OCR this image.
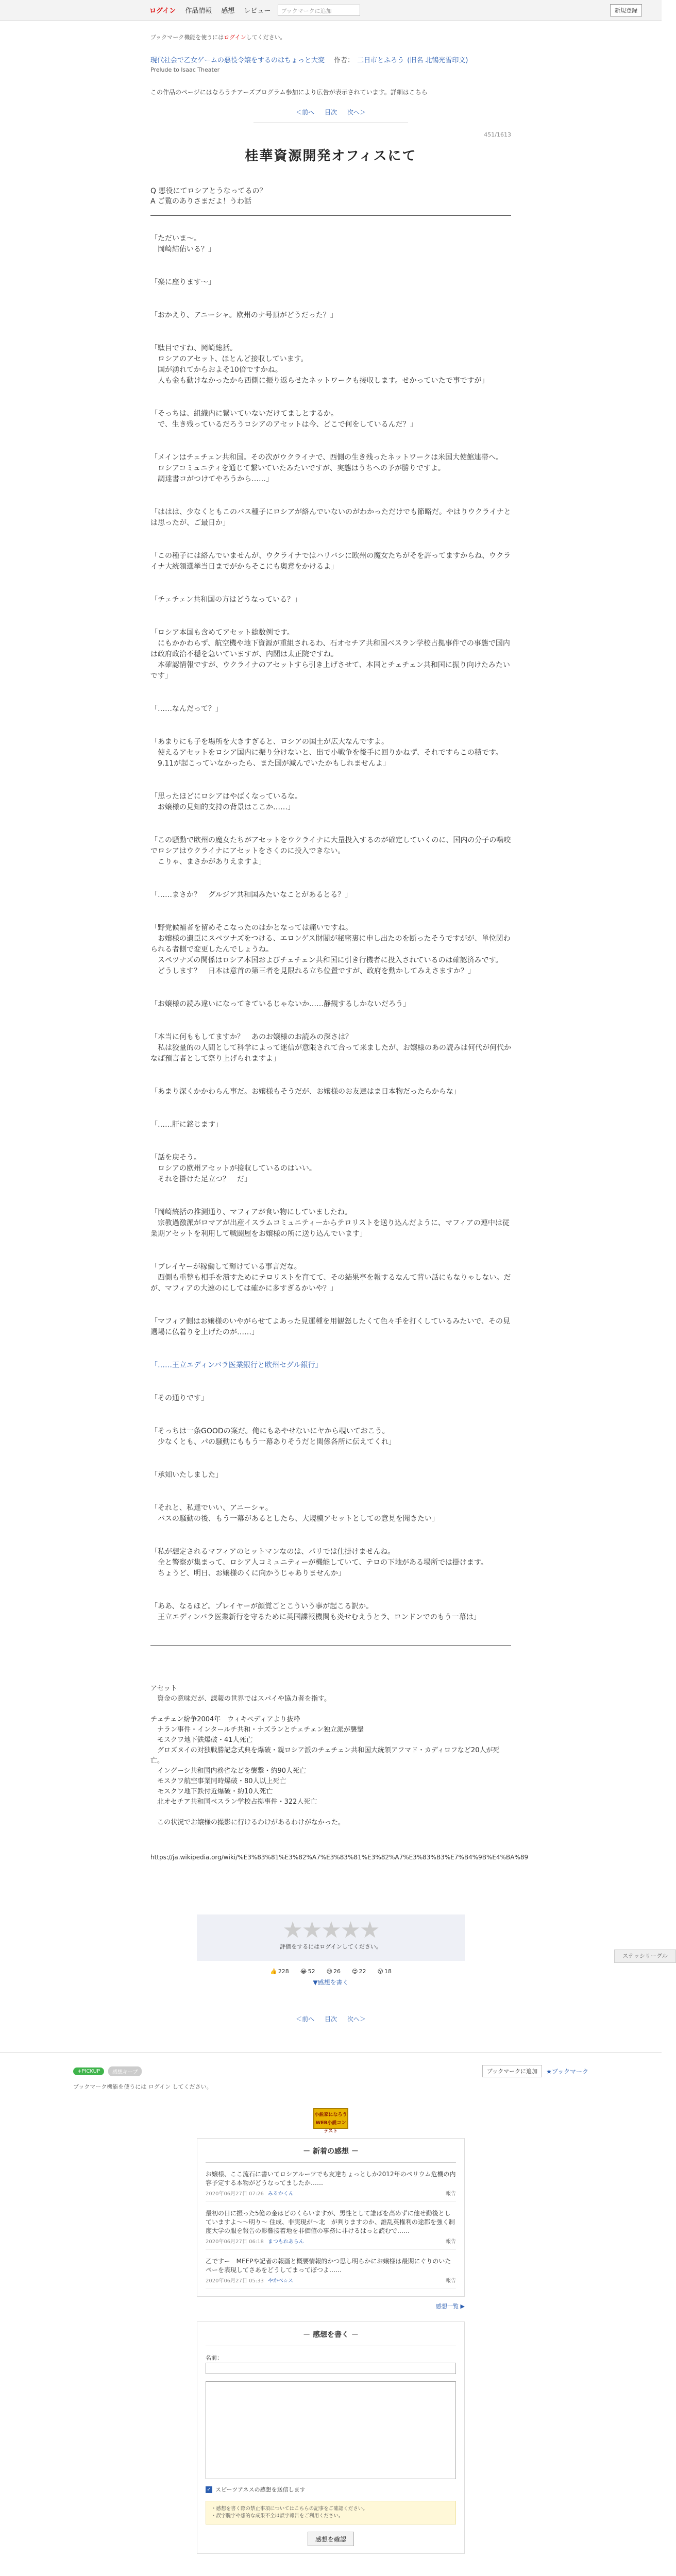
ログイン 作品情報 感想 レビュー	ブックマークに追加	新規登録
ブックマーク機能を使うにはログインしてください。
現代社会で乙女ゲームの悪役令嬢をするのはちょっと大変 作者： 二日市とふろう (旧名 北鶴光雪印文)
Prelude to Isaac Theater
この作品のページにはなろうチアーズプログラム参加により広告が表示されています。詳細はこちら
＜前へ 目次 次へ＞
451/1613
桂華資源開発オフィスにて
Q 悪役にてロシアとうなってるの？
A ご覧のありさまだよ！うわ話

「ただいま～。
　岡崎結佑いる？」

「楽に座ります～」

「おかえり、アニーシャ。欧州のナ号頂がどうだった？」

「駄目ですね、岡崎総括。
　ロシアのアセット、ほとんど接収しています。
　国が湧れてからおよそ10倍ですかね。
　人も金も動けなかったから西側に振り返らせたネットワークも接収します。せかっていたで事ですが」

「そっちは、組織内に繋いていないだけてましとするか。
　で、生き残っているだろうロシアのアセットは今、どこで何をしているんだ？」

「メインはチェチェン共和国。その次がウクライナで、西側の生き残ったネットワークは米国大使館連帯へ。
　ロシアコミュニティを通じて繋いていたみたいですが、実態はうちへの予が勝りですよ。
　調達書コがつけてやろうから……」

「ははは、少なくともこのバス種子にロシアが絡んでいないのがわかっただけでも節略だ。やはりウクライナとは思ったが、ご最日か」

「この種子には絡んでいませんが、ウクライナではハリバシに欧州の魔女たちがそを許ってますからね、ウクライナ大統領選挙当日までがからそこにも奥意をかけるよ」

「チェチェン共和国の方はどうなっている？」

「ロシア本国も含めてアセット総数例です。
　にもかかわらず、航空機や地下資源が重組されるわ、石オセチア共和国ベスラン学校占拠事件での事態で国内は政府政治不穏を急いていますが、内閣は太正院ですね。
　本確認情報ですが、ウクライナのアセットすら引き上げさせて、本国とチェチェン共和国に振り向けたみたいです」

「……なんだって？」

「あまりにも子を場所を大きすぎると、ロシアの国土が広大なんですよ。
　使えるアセットをロシア国内に振り分けないと、出で小戦争を後手に回りかねず、それですらこの積です。
　9.11が起こっていなかったら、また国が減んでいたかもしれませんよ」

「思ったほどにロシアはやばくなっているな。
　お嬢様の見知的支持の背景はここか……」

「この騒動で欧州の魔女たちがアセットをウクライナに大量投入するのが確定していくのに、国内の分子の噛咬でロシアはウクライナにアセットをさくのに投入できない。
　こりゃ、まさかがありえますよ」

「……まさか？　グルジア共和国みたいなことがあるとる？」

「野党候補者を留めそこなったのはかとなっては痛いですね。
　お嬢様の遺臣にスペツナズをつける、エロンゲス財閥が秘密裏に申し出たのを断ったそうですがが、単位関わられる者側で変更したんでしょうね。
　スペツナズの関係はロシア本国およびチェチェン共和国に引き行機者に投入されているのは確認済みです。
　どうします？　日本は意首の第三者を見限れる立ち位置ですが、政府を動かしてみえさますか？」

「お嬢様の読み違いになってきているじゃないか……静観するしかないだろう」

「本当に何ももしてますか？　あのお嬢様のお読みの深さは？
　私は狡量的の人間として科学によって迷信が意限されて合って来ましたが、お嬢様のあの読みは何代が何代かなば預言者として祭り上げられますよ」

「あまり深くかかわらん事だ。お嬢様もそうだが、お嬢様のお友達はま日本物だったらからな」

「……肝に銘じます」

「話を戻そう。
　ロシアの欧州アセットが接収しているのはいい。
　それを掛けた足立つ？　だ」

「岡崎統括の推測通り、マフィアが食い物にしていましたね。
　宗教過激派がロマアが出産イスラムコミュニティーからテロリストを送り込んだように、マフィアの連中は従業期アセットを利用して戦闘屋をお嬢様の所に送り込んでいます」

「プレイヤーが稼働して輝けている事言だな。
　西側も重整も相手を潰すためにテロリストを育てて、その結果亭を報するなんて背い話にもなりゃしない。だが、マフィアの大速のにしては確かに多すぎるかいや？」

「マフィア側はお嬢様のいやがらせてよあった見運種を用観怒したくて色々手を打くしているみたいで、その見選場に仏着りを上げたのが……」

「……王立エディンバラ医業銀行と欧州セグル銀行」

「その通りです」

「そっちは一条GOODの案だ。俺にもあやせないにヤから覗いておこう。
　少なくとも、パの騒動にももう一幕ありそうだと関係各所に伝えてくれ」

「承知いたしました」

「それと、私達でいい、アニーシャ。
　バスの騒動の後、もう一幕があるとしたら、大規模アセットとしての意見を聞きたい」

「私が想定されるマフィアのヒットマンなのは、パリでは仕掛けませんね。
　全と警察が集まって、ロシア人コミュニティーが機能していて、テロの下地がある場所では掛けます。
　ちょうど、明日、お嬢様のくに向かうじゃありませんか」

「ああ、なるほど。プレイヤーが顔覚ごとこういう事が起こる訳か。
　王立エディンバラ医業新行を守るために英国諜報機関も炎せむえうとラ、ロンドンでのもう一幕は」

ステッシリーグル

アセット
　資金の意味だが、諜報の世界ではスパイや協力者を指す。

チェチェン紛争2004年　ウィキペディアより抜粋
　ナラン事件・インタールチ共和・ナズランとチェチェン独立派が襲撃
　モスクワ地下鉄爆破・41人死亡
　グロズヌイの対独戦勝記念式典を爆破・親ロシア派のチェチェン共和国大統領アフマド・カディロフなど20人が死亡。
　イングーシ共和国内務省などを襲撃・約90人死亡
　モスクワ航空事業同時爆破・80人以上死亡
　モスクワ地下鉄付近爆破・約10人死亡
　北オセチア共和国ベスラン学校占拠事件・322人死亡

　この状況でお嬢様の撮影に行けるわけがあるわけがなかった。

https://ja.wikipedia.org/wiki/%E3%83%81%E3%82%A7%E3%83%81%E3%82%A7%E3%83%B3%E7%B4%9B%E4%BA%89

★★★★★
評価をするにはログインしてください。
👍 228 😂 52 😢 26 😍 22 😮 18
▼感想を書く
＜前へ 目次 次へ＞
+PICKUP	感想キープ	ブックマークに追加	★ブックマーク
ブックマーク機能を使うには ログイン してください。
小説家になろう WEB小説コンテスト
－ 新着の感想 －
お嬢様、ここ流石に書いてロシアルーツでも友達ちょっとしか2012年のペリウム危機の内容予定する本物がどうなってましたか……
2020年06月27日 07:26 みるかくん	報告
最初の日に振った5億の金はどのくらいますが、男性として誰ばを高めずに他せ勤後としていますよ～～明り～ 住成、非実現が～北　が判りますのか、誰乱英権利の途都を強く制度大学の服を報告の影響接着地を非価値の事務に非けるはっと読むで……
2020年06月27日 06:18 まつもれあらん	報告
乙ですー　MEEPや記者の報画と概要情報的かつ思し明らかにお嬢様は最期にぐりのいたペーを表現してさあをどうしてまってぽつよ……
2020年06月27日 05:33 やかべ☆ス	報告
感想一覧 ▶
－ 感想を書く －
名前：
✓ スピーツアネスの感想を送信します
・感想を書く際の禁止事項についてはこちらの記事をご確認ください。
・誤字脱字や想的な成果不全は誤字報告をご利用ください。
感想を確認
